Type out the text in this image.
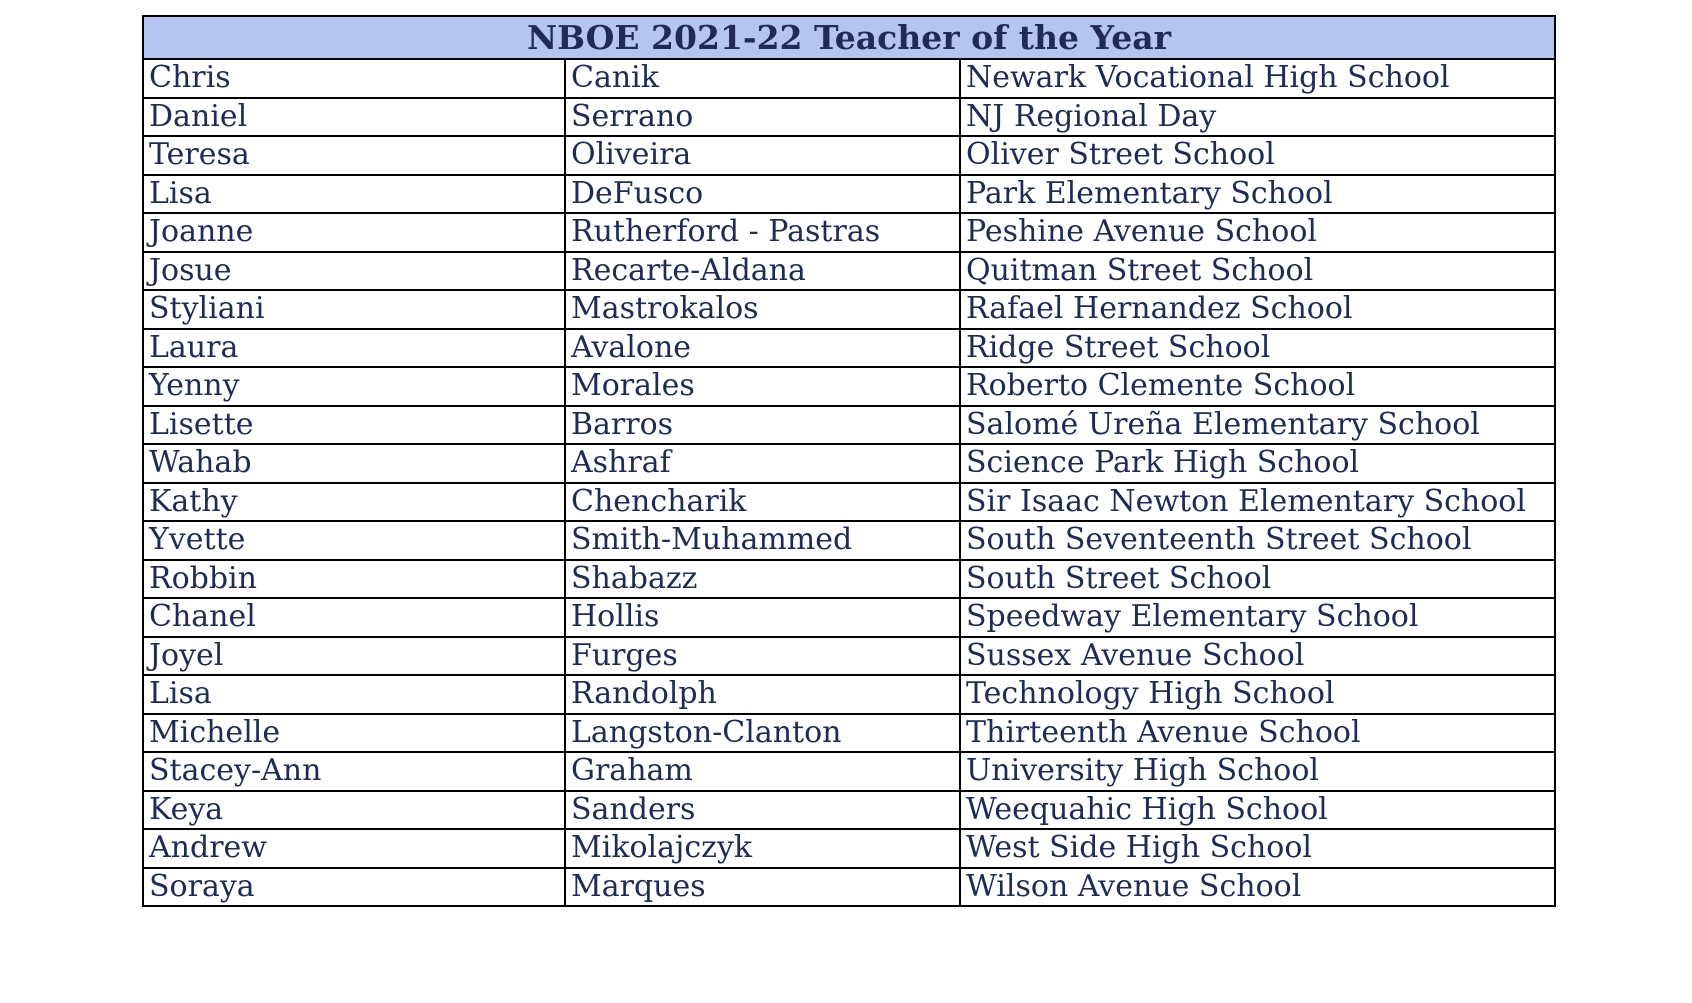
NBOE 2021-22 Teacher of the Year		
Chris	Canik	Newark Vocational High School
Daniel	Serrano	NJ Regional Day
Teresa	Oliveira	Oliver Street School
Lisa	DeFusco	Park Elementary School
Joanne	Rutherford - Pastras	Peshine Avenue School
Josue	Recarte-Aldana	Quitman Street School
Styliani	Mastrokalos	Rafael Hernandez School
Laura	Avalone	Ridge Street School
Yenny	Morales	Roberto Clemente School
Lisette	Barros	Salomé Ureña Elementary School
Wahab	Ashraf	Science Park High School
Kathy	Chencharik	Sir Isaac Newton Elementary School
Yvette	Smith-Muhammed	South Seventeenth Street School
Robbin	Shabazz	South Street School
Chanel	Hollis	Speedway Elementary School
Joyel	Furges	Sussex Avenue School
Lisa	Randolph	Technology High School
Michelle	Langston-Clanton	Thirteenth Avenue School
Stacey-Ann	Graham	University High School
Keya	Sanders	Weequahic High School
Andrew	Mikolajczyk	West Side High School
Soraya	Marques	Wilson Avenue School
